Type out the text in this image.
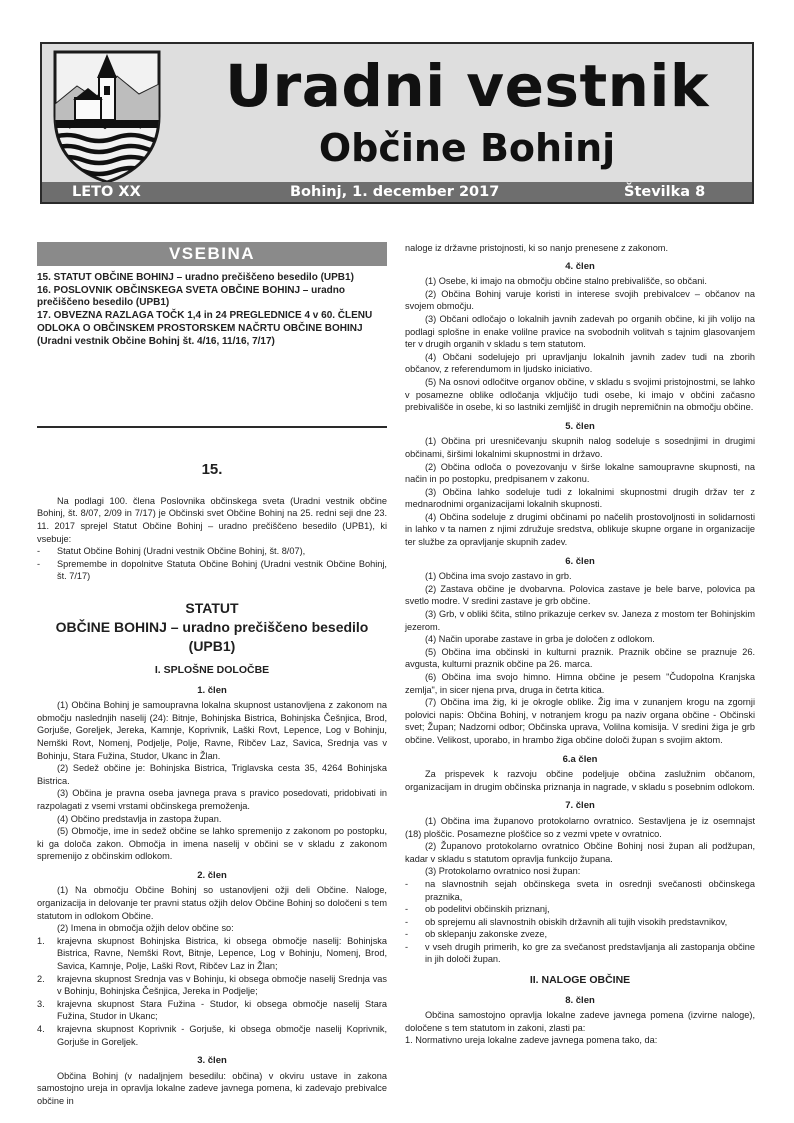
Uradni vestnik
Občine Bohinj
LETO XX	Bohinj, 1. december 2017	Številka 8
VSEBINA

15. STATUT OBČINE BOHINJ – uradno prečiščeno besedilo (UPB1)

16. POSLOVNIK OBČINSKEGA SVETA OBČINE BOHINJ – uradno prečiščeno besedilo (UPB1)

17. OBVEZNA RAZLAGA TOČK 1,4 in 24 PREGLEDNICE 4 v 60. ČLENU ODLOKA O OBČINSKEM PROSTORSKEM NAČRTU OBČINE BOHINJ (Uradni vestnik Občine Bohinj št. 4/16, 11/16, 7/17)

15.

Na podlagi 100. člena Poslovnika občinskega sveta (Uradni vestnik občine Bohinj, št. 8/07, 2/09 in 7/17) je Občinski svet Občine Bohinj na 25. redni seji dne 23. 11. 2017 sprejel Statut Občine Bohinj – uradno prečiščeno besedilo (UPB1), ki vsebuje:

-	Statut Občine Bohinj (Uradni vestnik Občine Bohinj, št. 8/07),
-	Spremembe in dopolnitve Statuta Občine Bohinj (Uradni vestnik Občine Bohinj, št. 7/17)
STATUT
OBČINE BOHINJ – uradno prečiščeno besedilo
(UPB1)
I. SPLOŠNE DOLOČBE
1. člen

(1) Občina Bohinj je samoupravna lokalna skupnost ustanovljena z zakonom na območju naslednjih naselij (24): Bitnje, Bohinjska Bistrica, Bohinjska Češnjica, Brod, Gorjuše, Goreljek, Jereka, Kamnje, Koprivnik, Laški Rovt, Lepence, Log v Bohinju, Nemški Rovt, Nomenj, Podjelje, Polje, Ravne, Ribčev Laz, Savica, Srednja vas v Bohinju, Stara Fužina, Studor, Ukanc in Žlan.

(2) Sedež občine je: Bohinjska Bistrica, Triglavska cesta 35, 4264 Bohinjska Bistrica.

(3) Občina je pravna oseba javnega prava s pravico posedovati, pridobivati in razpolagati z vsemi vrstami občinskega premoženja.

(4) Občino predstavlja in zastopa župan.

(5) Območje, ime in sedež občine se lahko spremenijo z zakonom po postopku, ki ga določa zakon. Območja in imena naselij v občini se v skladu z zakonom spremenijo z občinskim odlokom.

2. člen

(1) Na območju Občine Bohinj so ustanovljeni ožji deli Občine. Naloge, organizacija in delovanje ter pravni status ožjih delov Občine Bohinj so določeni s tem statutom in odlokom Občine.

(2) Imena in območja ožjih delov občine so:

1.	krajevna skupnost Bohinjska Bistrica, ki obsega območje naselij: Bohinjska Bistrica, Ravne, Nemški Rovt, Bitnje, Lepence, Log v Bohinju, Nomenj, Brod, Savica, Kamnje, Polje, Laški Rovt, Ribčev Laz in Žlan;
2.	krajevna skupnost Srednja vas v Bohinju, ki obsega območje naselij Srednja vas v Bohinju, Bohinjska Češnjica, Jereka in Podjelje;
3.	krajevna skupnost Stara Fužina - Studor, ki obsega območje naselij Stara Fužina, Studor in Ukanc;
4.	krajevna skupnost Koprivnik - Gorjuše, ki obsega območje naselij Koprivnik, Gorjuše in Goreljek.
3. člen

Občina Bohinj (v nadaljnjem besedilu: občina) v okviru ustave in zakona samostojno ureja in opravlja lokalne zadeve javnega pomena, ki zadevajo prebivalce občine in

naloge iz državne pristojnosti, ki so nanjo prenesene z zakonom.

4. člen

(1) Osebe, ki imajo na območju občine stalno prebivališče, so občani.

(2) Občina Bohinj varuje koristi in interese svojih prebivalcev – občanov na svojem območju.

(3) Občani odločajo o lokalnih javnih zadevah po organih občine, ki jih volijo na podlagi splošne in enake volilne pravice na svobodnih volitvah s tajnim glasovanjem ter v drugih organih v skladu s tem statutom.

(4) Občani sodelujejo pri upravljanju lokalnih javnih zadev tudi na zborih občanov, z referendumom in ljudsko iniciativo.

(5) Na osnovi odločitve organov občine, v skladu s svojimi pristojnostmi, se lahko v posamezne oblike odločanja vključijo tudi osebe, ki imajo v občini začasno prebivališče in osebe, ki so lastniki zemljišč in drugih nepremičnin na območju občine.

5. člen

(1) Občina pri uresničevanju skupnih nalog sodeluje s sosednjimi in drugimi občinami, širšimi lokalnimi skupnostmi in državo.

(2) Občina odloča o povezovanju v širše lokalne samoupravne skupnosti, na način in po postopku, predpisanem v zakonu.

(3) Občina lahko sodeluje tudi z lokalnimi skupnostmi drugih držav ter z mednarodnimi organizacijami lokalnih skupnosti.

(4) Občina sodeluje z drugimi občinami po načelih prostovoljnosti in solidarnosti in lahko v ta namen z njimi združuje sredstva, oblikuje skupne organe in organizacije ter službe za opravljanje skupnih zadev.

6. člen

(1) Občina ima svojo zastavo in grb.

(2) Zastava občine je dvobarvna. Polovica zastave je bele barve, polovica pa svetlo modre. V sredini zastave je grb občine.

(3) Grb, v obliki ščita, stilno prikazuje cerkev sv. Janeza z mostom ter Bohinjskim jezerom.

(4) Način uporabe zastave in grba je določen z odlokom.

(5) Občina ima občinski in kulturni praznik. Praznik občine se praznuje 26. avgusta, kulturni praznik občine pa 26. marca.

(6) Občina ima svojo himno. Himna občine je pesem "Čudopolna Kranjska zemlja", in sicer njena prva, druga in četrta kitica.

(7) Občina ima žig, ki je okrogle oblike. Žig ima v zunanjem krogu na zgornji polovici napis: Občina Bohinj, v notranjem krogu pa naziv organa občine - Občinski svet; Župan; Nadzorni odbor; Občinska uprava, Volilna komisija. V sredini žiga je grb občine. Velikost, uporabo, in hrambo žiga občine določi župan s svojim aktom.

6.a člen

Za prispevek k razvoju občine podeljuje občina zaslužnim občanom, organizacijam in drugim občinska priznanja in nagrade, v skladu s posebnim odlokom.

7. člen

(1) Občina ima županovo protokolarno ovratnico. Sestavljena je iz osemnajst (18) ploščic. Posamezne ploščice so z vezmi vpete v ovratnico.

(2) Županovo protokolarno ovratnico Občine Bohinj nosi župan ali podžupan, kadar v skladu s statutom opravlja funkcijo župana.

(3) Protokolarno ovratnico nosi župan:

-	na slavnostnih sejah občinskega sveta in osrednji svečanosti občinskega praznika,
-	ob podelitvi občinskih priznanj,
-	ob sprejemu ali slavnostnih obiskih državnih ali tujih visokih predstavnikov,
-	ob sklepanju zakonske zveze,
-	v vseh drugih primerih, ko gre za svečanost predstavljanja ali zastopanja občine in jih določi župan.
II. NALOGE OBČINE
8. člen

Občina samostojno opravlja lokalne zadeve javnega pomena (izvirne naloge), določene s tem statutom in zakoni, zlasti pa:

1. Normativno ureja lokalne zadeve javnega pomena tako, da:
